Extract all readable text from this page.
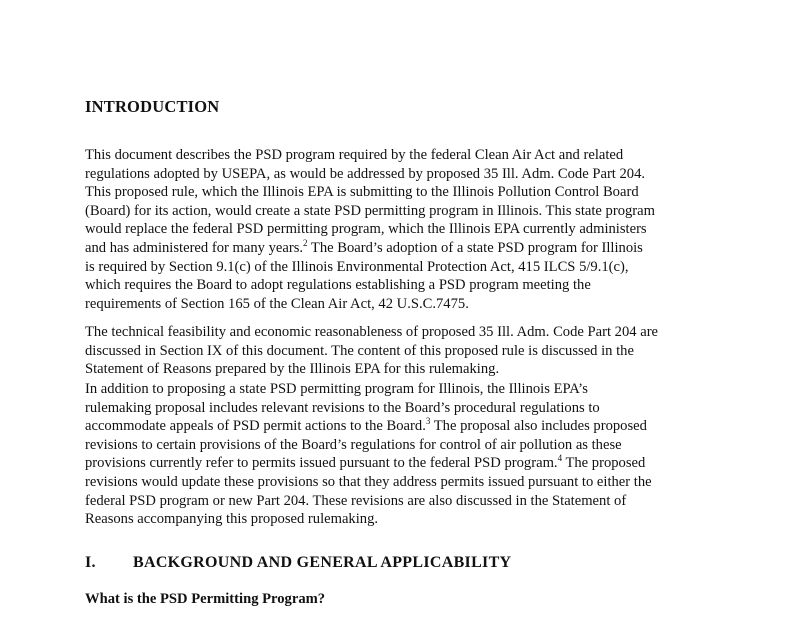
INTRODUCTION
This document describes the PSD program required by the federal Clean Air Act and related
regulations adopted by USEPA, as would be addressed by proposed 35 Ill. Adm. Code Part 204.
This proposed rule, which the Illinois EPA is submitting to the Illinois Pollution Control Board
(Board) for its action, would create a state PSD permitting program in Illinois. This state program
would replace the federal PSD permitting program, which the Illinois EPA currently administers
and has administered for many years.$^2$ The Board’s adoption of a state PSD program for Illinois
is required by Section 9.1(c) of the Illinois Environmental Protection Act, 415 ILCS 5/9.1(c),
which requires the Board to adopt regulations establishing a PSD program meeting the
requirements of Section 165 of the Clean Air Act, 42 U.S.C.7475.
The technical feasibility and economic reasonableness of proposed 35 Ill. Adm. Code Part 204 are
discussed in Section IX of this document. The content of this proposed rule is discussed in the
Statement of Reasons prepared by the Illinois EPA for this rulemaking.
In addition to proposing a state PSD permitting program for Illinois, the Illinois EPA’s
rulemaking proposal includes relevant revisions to the Board’s procedural regulations to
accommodate appeals of PSD permit actions to the Board.$^3$ The proposal also includes proposed
revisions to certain provisions of the Board’s regulations for control of air pollution as these
provisions currently refer to permits issued pursuant to the federal PSD program.$^4$ The proposed
revisions would update these provisions so that they address permits issued pursuant to either the
federal PSD program or new Part 204. These revisions are also discussed in the Statement of
Reasons accompanying this proposed rulemaking.
I. BACKGROUND AND GENERAL APPLICABILITY
What is the PSD Permitting Program?
